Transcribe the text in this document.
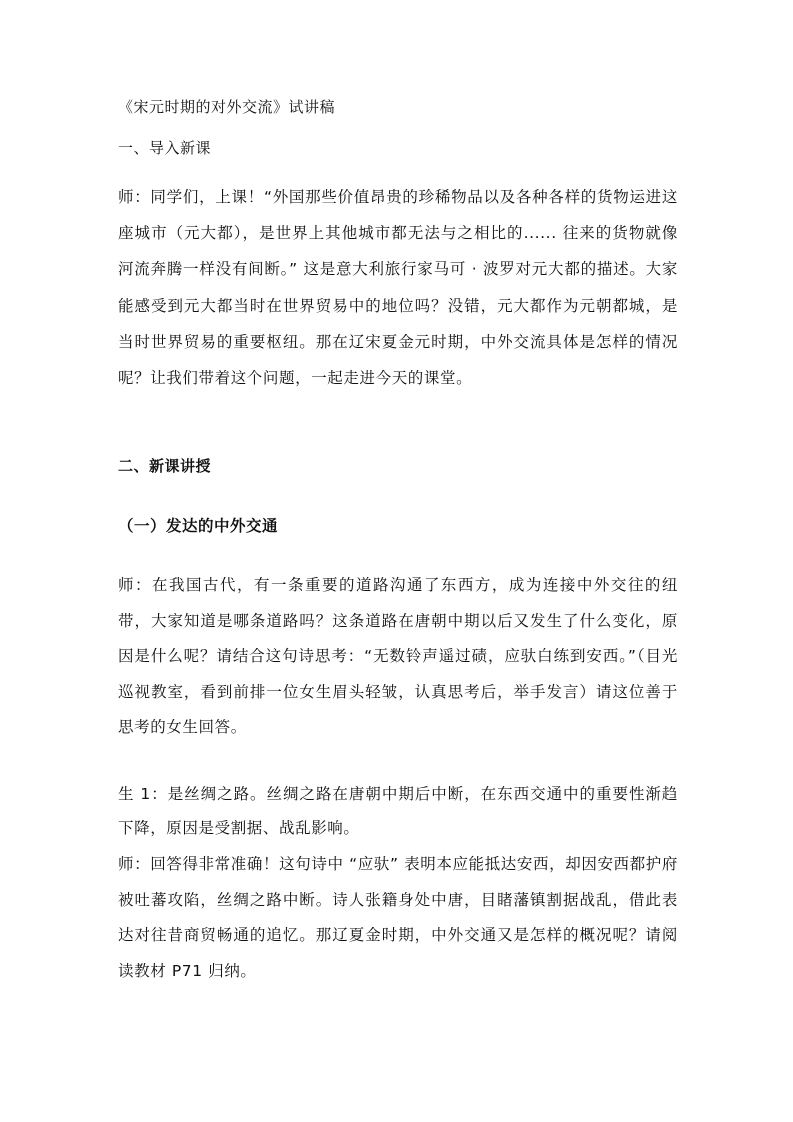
《宋元时期的对外交流》试讲稿
一、导入新课
师：同学们，上课！“外国那些价值昂贵的珍稀物品以及各种各样的货物运进这座城市（元大都），是世界上其他城市都无法与之相比的...... 往来的货物就像河流奔腾一样没有间断。” 这是意大利旅行家马可 · 波罗对元大都的描述。大家能感受到元大都当时在世界贸易中的地位吗？没错，元大都作为元朝都城，是当时世界贸易的重要枢纽。那在辽宋夏金元时期，中外交流具体是怎样的情况呢？让我们带着这个问题，一起走进今天的课堂。
二、新课讲授
（一）发达的中外交通
师：在我国古代，有一条重要的道路沟通了东西方，成为连接中外交往的纽带，大家知道是哪条道路吗？这条道路在唐朝中期以后又发生了什么变化，原因是什么呢？请结合这句诗思考：“无数铃声遥过碛，应驮白练到安西。”（目光巡视教室，看到前排一位女生眉头轻皱，认真思考后，举手发言）请这位善于思考的女生回答。
生 1：是丝绸之路。丝绸之路在唐朝中期后中断，在东西交通中的重要性渐趋下降，原因是受割据、战乱影响。
师：回答得非常准确！这句诗中 “应驮” 表明本应能抵达安西，却因安西都护府被吐蕃攻陷，丝绸之路中断。诗人张籍身处中唐，目睹藩镇割据战乱，借此表达对往昔商贸畅通的追忆。那辽夏金时期，中外交通又是怎样的概况呢？请阅读教材 P71 归纳。
